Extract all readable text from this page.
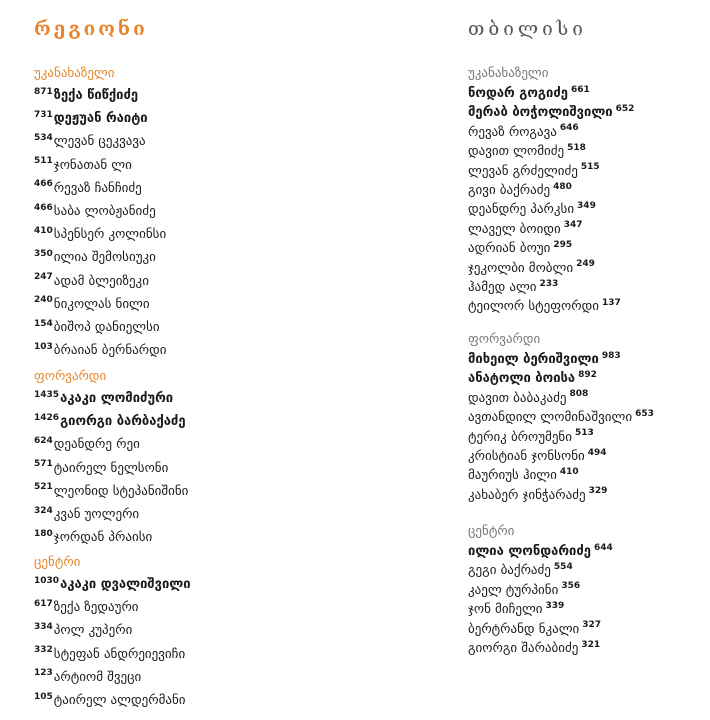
რეგიონი
უკანახაზელი
$^{871}$ზექა წიწქიძე
$^{731}$დეჟუან რაიტი
$^{534}$ლევან ცეკვავა
$^{511}$ჯონათან ლი
$^{466}$რევაზ ჩანჩიძე
$^{466}$საბა ლობჟანიძე
$^{410}$სპენსერ კოლინსი
$^{350}$ილია შემოსიუკი
$^{247}$ადამ ბლეიზეკი
$^{240}$ნიკოლას ნილი
$^{154}$ბიშოპ დანიელსი
$^{103}$ბრაიან ბერნარდი
ფორვარდი
$^{1435}$აკაკი ლომიძური
$^{1426}$გიორგი ბარბაქაძე
$^{624}$დეანდრე რეი
$^{571}$ტაირელ ნელსონი
$^{521}$ლეონიდ სტეპანიშინი
$^{324}$კვან უოლერი
$^{180}$ჯორდან პრაისი
ცენტრი
$^{1030}$აკაკი დვალიშვილი
$^{617}$ზექა ზედაური
$^{334}$პოლ კუპერი
$^{332}$სტეფან ანდრეიევიჩი
$^{123}$არტიომ შვეცი
$^{105}$ტაირელ ალდერმანი
თბილისი
უკანახაზელი
ნოდარ გოგიძე $^{661}$
მერაბ ბოჭოლიშვილი $^{652}$
რევაზ როგავა $^{646}$
დავით ლომიძე $^{518}$
ლევან გრძელიძე $^{515}$
გივი ბაქრაძე $^{480}$
დეანდრე პარკსი $^{349}$
ლაველ ბოიდი $^{347}$
ადრიან ბოუი $^{295}$
ჯეკოლბი მობლი $^{249}$
ჰამედ ალი $^{233}$
ტეილორ სტეფორდი $^{137}$
ფორვარდი
მიხეილ ბერიშვილი $^{983}$
ანატოლი ბოისა $^{892}$
დავით ბაბაკაძე $^{808}$
ავთანდილ ლომინაშვილი $^{653}$
ტერიკ ბროუმენი $^{513}$
კრისტიან ჯონსონი $^{494}$
მაურიუს ჰილი $^{410}$
კახაბერ ჯინჭარაძე $^{329}$
ცენტრი
ილია ლონდარიძე $^{644}$
გეგი ბაქრაძე $^{554}$
კაელ ტურპინი $^{356}$
ჯონ მიჩელი $^{339}$
ბერტრანდ ნკალი $^{327}$
გიორგი შარაბიძე $^{321}$
